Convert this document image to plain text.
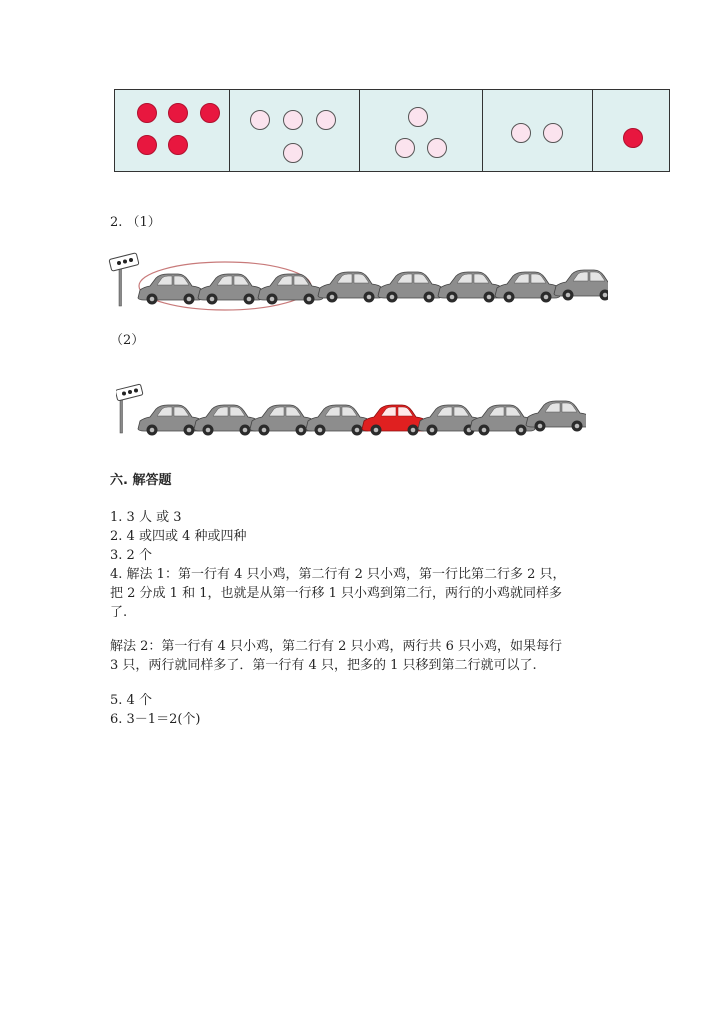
2. （1）
（2）
六. 解答题
1. 3 人 或 3
2. 4 或四或 4 种或四种
3. 2 个
4. 解法 1：第一行有 4 只小鸡，第二行有 2 只小鸡，第一行比第二行多 2 只，
把 2 分成 1 和 1，也就是从第一行移 1 只小鸡到第二行，两行的小鸡就同样多
了.
解法 2：第一行有 4 只小鸡，第二行有 2 只小鸡，两行共 6 只小鸡，如果每行
3 只，两行就同样多了．第一行有 4 只，把多的 1 只移到第二行就可以了.
5. 4 个
6. 3－1＝2(个)
